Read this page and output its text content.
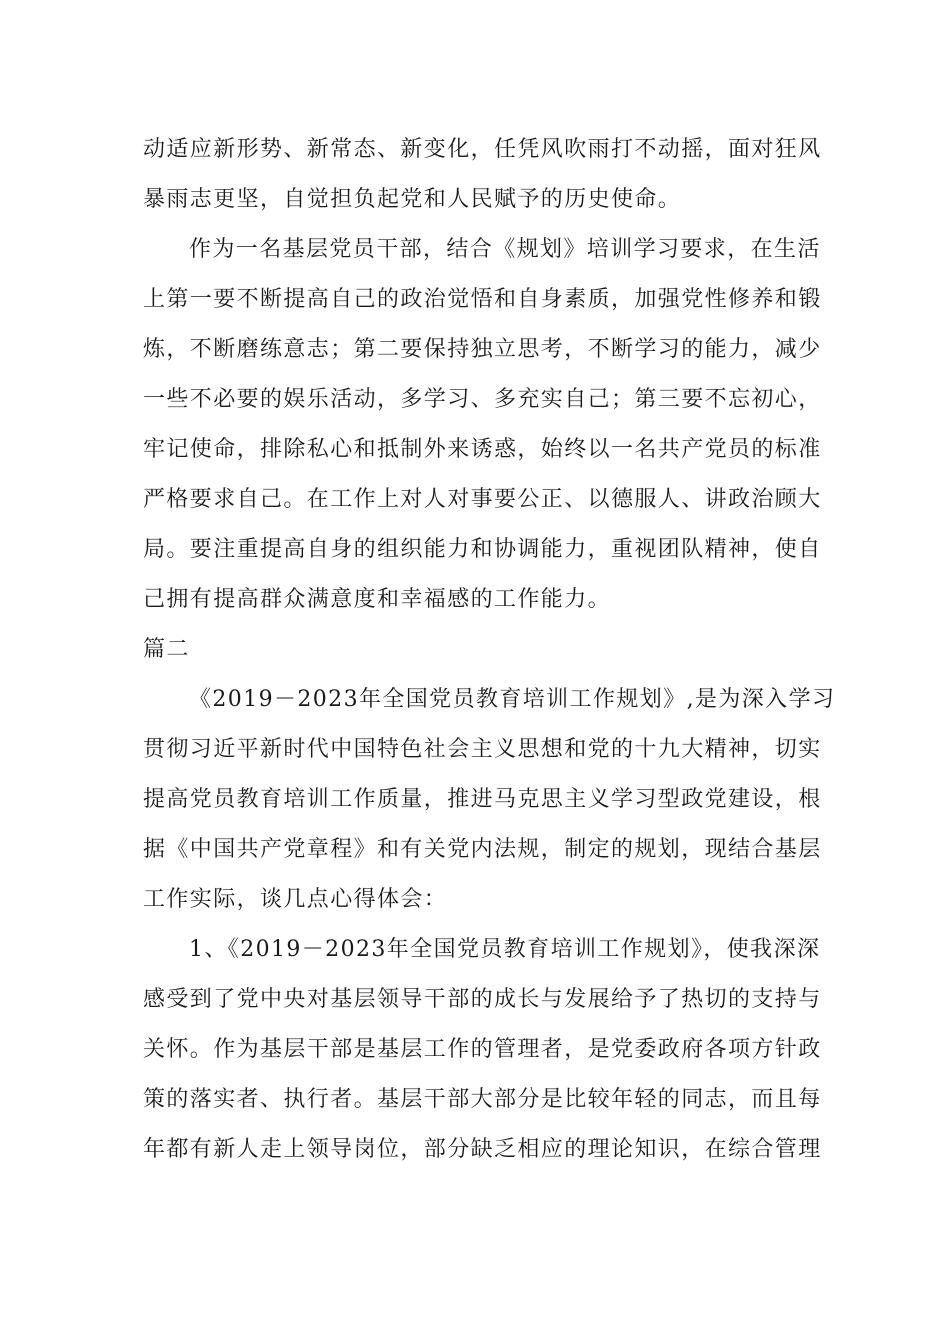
动适应新形势、新常态、新变化，任凭风吹雨打不动摇，面对狂风
暴雨志更坚，自觉担负起党和人民赋予的历史使命。

作为一名基层党员干部，结合《规划》培训学习要求，在生活
上第一要不断提高自己的政治觉悟和自身素质，加强党性修养和锻
炼，不断磨练意志；第二要保持独立思考，不断学习的能力，减少
一些不必要的娱乐活动，多学习、多充实自己；第三要不忘初心，
牢记使命，排除私心和抵制外来诱惑，始终以一名共产党员的标准
严格要求自己。在工作上对人对事要公正、以德服人、讲政治顾大
局。要注重提高自身的组织能力和协调能力，重视团队精神，使自
己拥有提高群众满意度和幸福感的工作能力。

篇二

《2019－2023年全国党员教育培训工作规划》,是为深入学习
贯彻习近平新时代中国特色社会主义思想和党的十九大精神，切实
提高党员教育培训工作质量，推进马克思主义学习型政党建设，根
据《中国共产党章程》和有关党内法规，制定的规划，现结合基层
工作实际，谈几点心得体会：

1、《2019－2023年全国党员教育培训工作规划》，使我深深
感受到了党中央对基层领导干部的成长与发展给予了热切的支持与
关怀。作为基层干部是基层工作的管理者，是党委政府各项方针政
策的落实者、执行者。基层干部大部分是比较年轻的同志，而且每
年都有新人走上领导岗位，部分缺乏相应的理论知识，在综合管理
